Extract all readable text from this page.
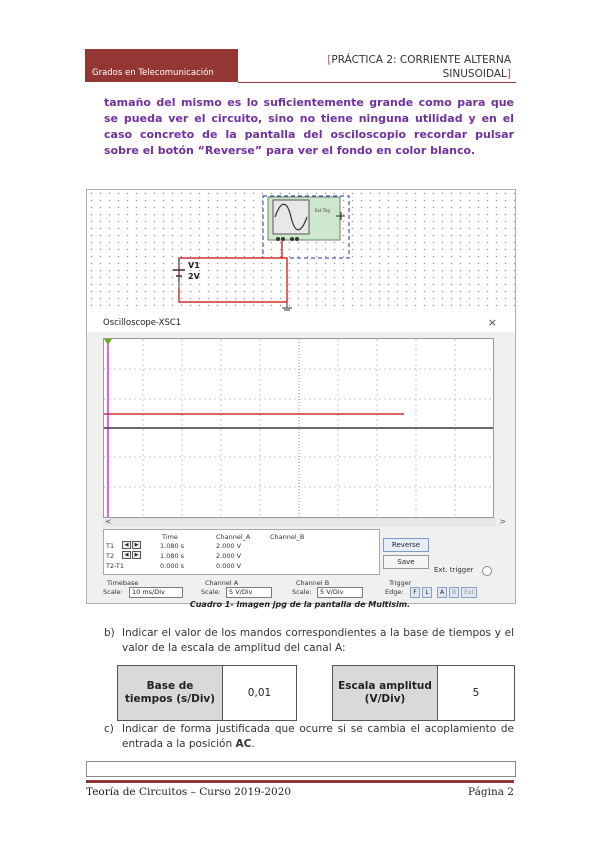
Grados en Telecomunicación
[PRÁCTICA 2: CORRIENTE ALTERNA
SINUSOIDAL]
tamaño del mismo es lo suficientemente grande como para que se pueda ver el circuito, sino no tiene ninguna utilidad y en el caso concreto de la pantalla del osciloscopio recordar pulsar sobre el botón “Reverse” para ver el fondo en color blanco.
V1
2V
Ext Trig
Oscilloscope-XSC1	×
<	>
Time	Channel_A	Channel_B
T1	◀	▶	1.080 s	2.000 V
T2	◀	▶	1.080 s	2.000 V
T2-T1	0.000 s	0.000 V
Reverse
Save
Ext. trigger
Timebase
Scale:	10 ms/Div
Channel A
Scale:	5 V/Div
Channel B
Scale:	5 V/Div
Trigger
Edge:	F	L	A	B	Ext
Cuadro 1- Imagen jpg de la pantalla de Multisim.
b) Indicar el valor de los mandos correspondientes a la base de tiempos y el valor de la escala de amplitud del canal A:
Base de tiempos (s/Div)	0,01
Escala amplitud (V/Div)	5
c) Indicar de forma justificada que ocurre si se cambia el acoplamiento de entrada a la posición AC.
Teoría de Circuitos – Curso 2019-2020	Página 2
